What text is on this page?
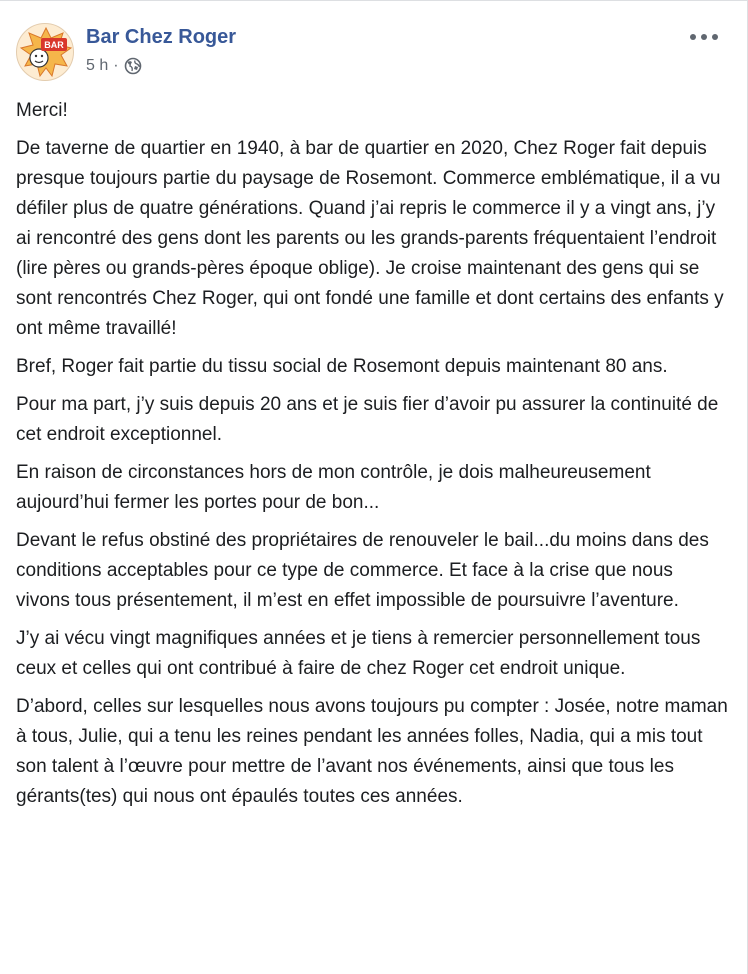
BAR Bar Chez Roger
5 h ·

Merci!

De taverne de quartier en 1940, à bar de quartier en 2020, Chez Roger fait depuis presque toujours partie du paysage de Rosemont. Commerce emblématique, il a vu défiler plus de quatre générations. Quand j’ai repris le commerce il y a vingt ans, j’y ai rencontré des gens dont les parents ou les grands-parents fréquentaient l’endroit (lire pères ou grands-pères époque oblige). Je croise maintenant des gens qui se sont rencontrés Chez Roger, qui ont fondé une famille et dont certains des enfants y ont même travaillé!

Bref, Roger fait partie du tissu social de Rosemont depuis maintenant 80 ans.

Pour ma part, j’y suis depuis 20 ans et je suis fier d’avoir pu assurer la continuité de cet endroit exceptionnel.

En raison de circonstances hors de mon contrôle, je dois malheureusement aujourd’hui fermer les portes pour de bon...

Devant le refus obstiné des propriétaires de renouveler le bail...du moins dans des conditions acceptables pour ce type de commerce. Et face à la crise que nous vivons tous présentement, il m’est en effet impossible de poursuivre l’aventure.

J’y ai vécu vingt magnifiques années et je tiens à remercier personnellement tous ceux et celles qui ont contribué à faire de chez Roger cet endroit unique.

D’abord, celles sur lesquelles nous avons toujours pu compter : Josée, notre maman à tous, Julie, qui a tenu les reines pendant les années folles, Nadia, qui a mis tout son talent à l’œuvre pour mettre de l’avant nos événements, ainsi que tous les gérants(tes) qui nous ont épaulés toutes ces années.
